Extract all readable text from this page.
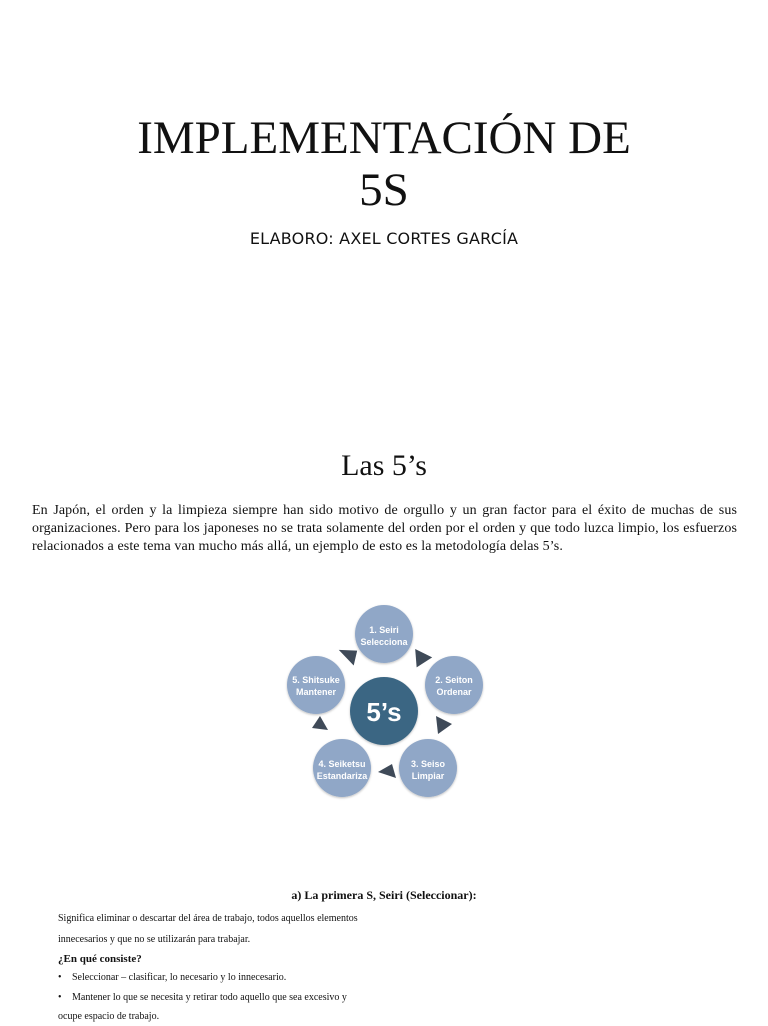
IMPLEMENTACIÓN DE
5S
ELABORO: AXEL CORTES GARCÍA
Las 5’s
En Japón, el orden y la limpieza siempre han sido motivo de orgullo y un gran factor para el éxito de muchas de sus organizaciones. Pero para los japoneses no se trata solamente del orden por el orden y que todo luzca limpio, los esfuerzos relacionados a este tema van mucho más allá, un ejemplo de esto es la metodología delas 5’s.
5’s
1. Seiri
Selecciona
2. Seiton
Ordenar
3. Seiso
Limpiar
4. Seiketsu
Estandariza
5. Shitsuke
Mantener
a) La primera S, Seiri (Seleccionar):

Significa eliminar o descartar del área de trabajo, todos aquellos elementos

innecesarios y que no se utilizarán para trabajar.

¿En qué consiste?

• Seleccionar – clasificar, lo necesario y lo innecesario.

• Mantener lo que se necesita y retirar todo aquello que sea excesivo y

ocupe espacio de trabajo.
